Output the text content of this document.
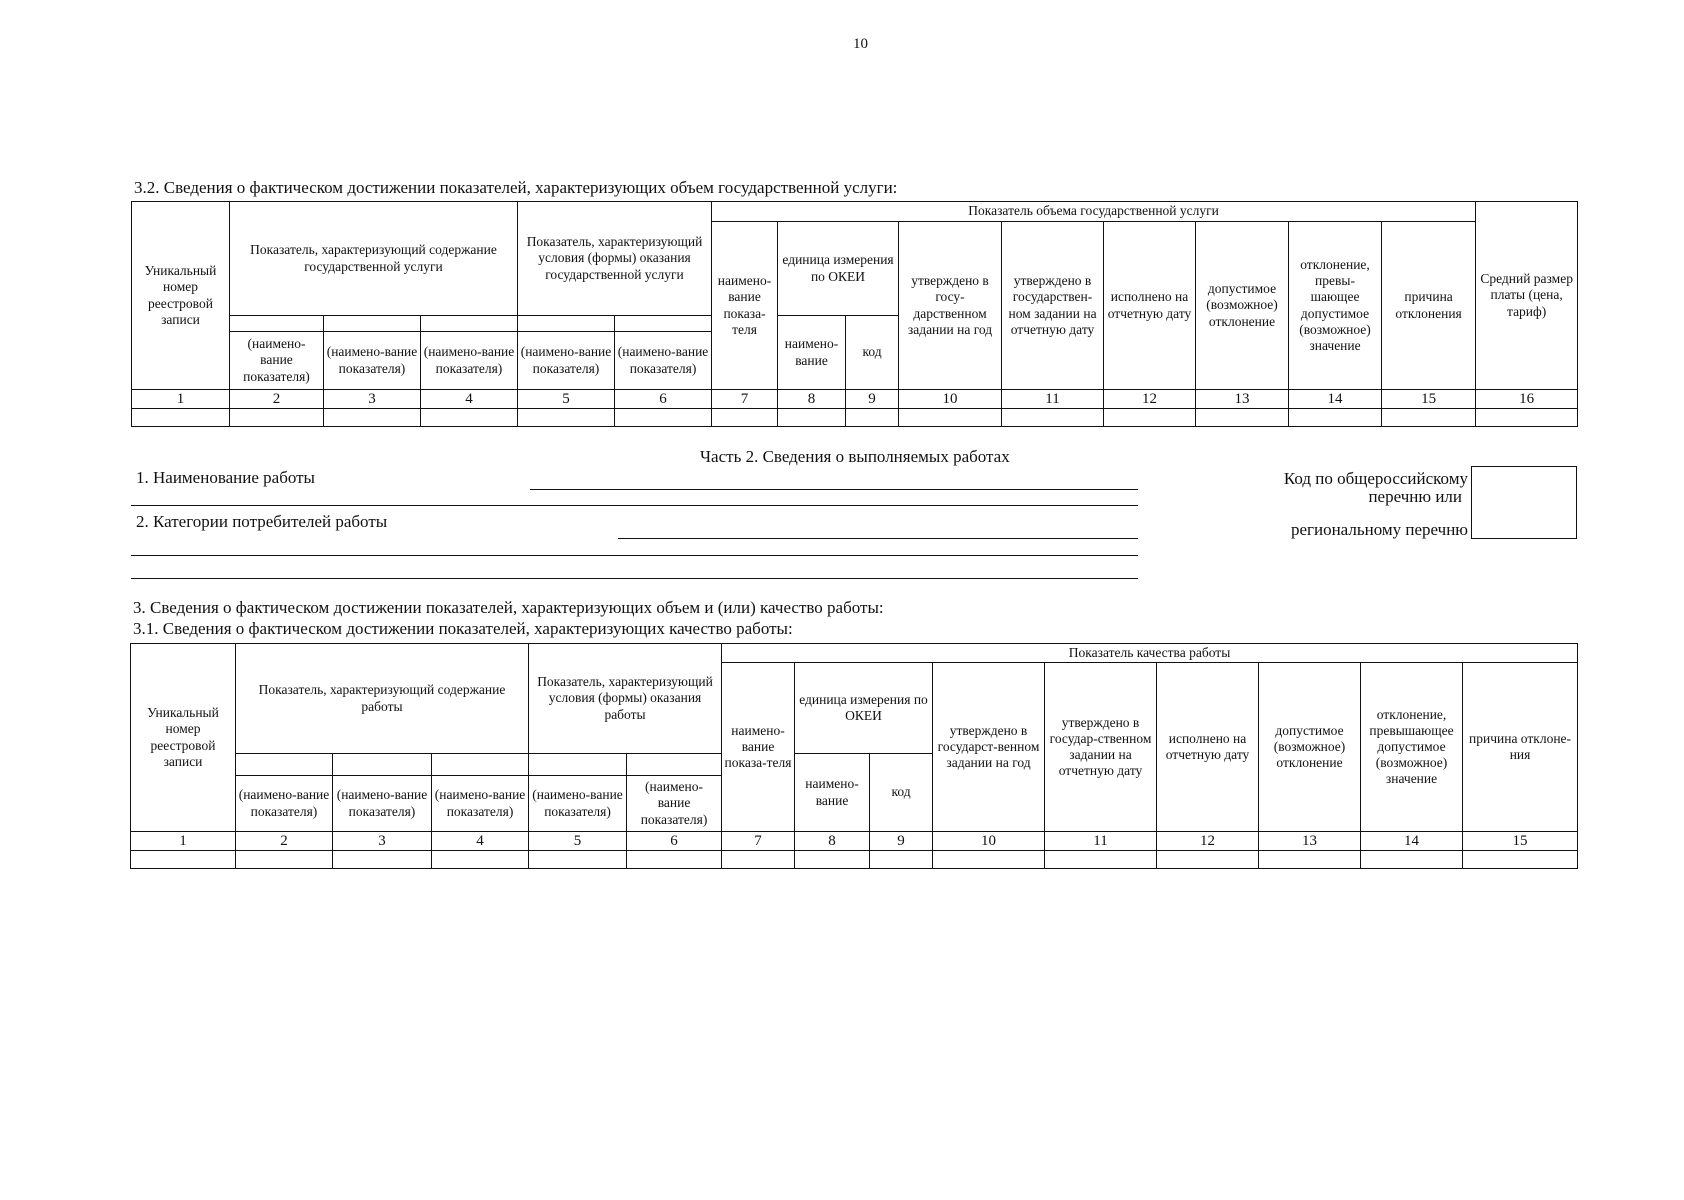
10
3.2. Сведения о фактическом достижении показателей, характеризующих объем государственной услуги:
Уникальный номер реестровой записи	Показатель, характеризующий содержание государственной услуги			Показатель, характеризующий условия (формы) оказания государственной услуги		Показатель объема государственной услуги									Средний размер платы (цена, тариф)
						наимено-вание показа-теля	единица измерения по ОКЕИ		утверждено в госу-дарственном задании на год	утверждено в государствен-ном задании на отчетную дату	исполнено на отчетную дату	допустимое (возможное) отклонение	отклонение, превы-шающее допустимое (возможное) значение	причина отклонения	
							наимено-вание	код							
	(наимено-вание показателя)	(наимено-вание показателя)	(наимено-вание показателя)	(наимено-вание показателя)	(наимено-вание показателя)										
1	2	3	4	5	6	7	8	9	10	11	12	13	14	15	16

Часть 2. Сведения о выполняемых работах
1. Наименование работы
2. Категории потребителей работы
Код по общероссийскому
перечню или
региональному перечню
3. Сведения о фактическом достижении показателей, характеризующих объем и (или) качество работы:
3.1. Сведения о фактическом достижении показателей, характеризующих качество работы:
Уникальный номер реестровой записи	Показатель, характеризующий содержание работы			Показатель, характеризующий условия (формы) оказания работы		Показатель качества работы								
						наимено-вание показа-теля	единица измерения по ОКЕИ		утверждено в государст-венном задании на год	утверждено в государ-ственном задании на отчетную дату	исполнено на отчетную дату	допустимое (возможное) отклонение	отклонение, превышающее допустимое (возможное) значение	причина отклоне-ния
							наимено-вание	код						
	(наимено-вание показателя)	(наимено-вание показателя)	(наимено-вание показателя)	(наимено-вание показателя)	(наимено-вание показателя)									
1	2	3	4	5	6	7	8	9	10	11	12	13	14	15
